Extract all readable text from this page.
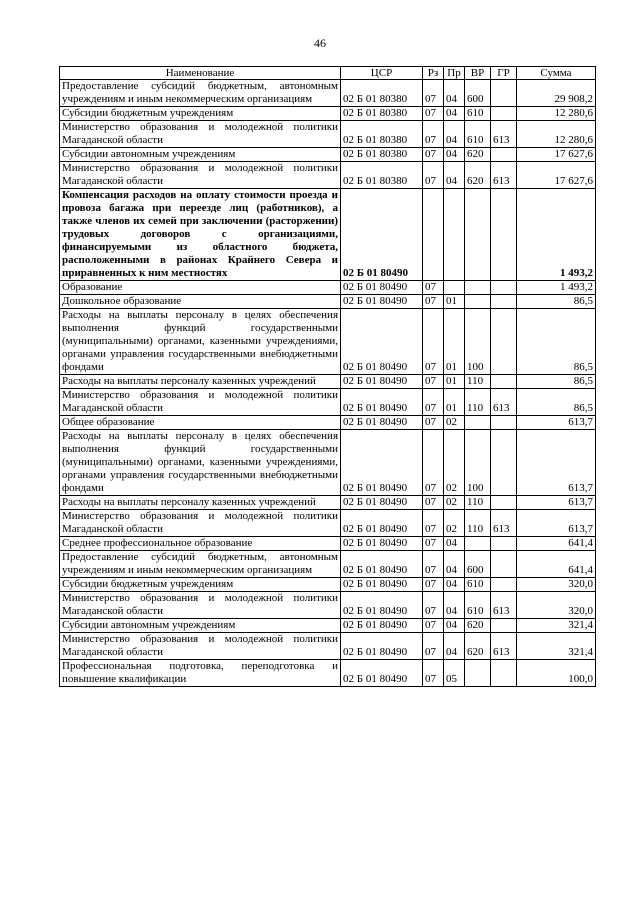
46
Наименование	ЦСР	Рз	Пр	ВР	ГР	Сумма
Предоставление субсидий бюджетным, автономным учреждениям и иным некоммерческим организациям	02 Б 01 80380	07	04	600		29 908,2
Субсидии бюджетным учреждениям	02 Б 01 80380	07	04	610		12 280,6
Министерство образования и молодежной политики Магаданской области	02 Б 01 80380	07	04	610	613	12 280,6
Субсидии автономным учреждениям	02 Б 01 80380	07	04	620		17 627,6
Министерство образования и молодежной политики Магаданской области	02 Б 01 80380	07	04	620	613	17 627,6
Компенсация расходов на оплату стоимости проезда и провоза багажа при переезде лиц (работников), а также членов их семей при заключении (расторжении) трудовых договоров с организациями, финансируемыми из областного бюджета, расположенными в районах Крайнего Севера и приравненных к ним местностях	02 Б 01 80490					1 493,2
Образование	02 Б 01 80490	07				1 493,2
Дошкольное образование	02 Б 01 80490	07	01			86,5
Расходы на выплаты персоналу в целях обеспечения выполнения функций государственными (муниципальными) органами, казенными учреждениями, органами управления государственными внебюджетными фондами	02 Б 01 80490	07	01	100		86,5
Расходы на выплаты персоналу казенных учреждений	02 Б 01 80490	07	01	110		86,5
Министерство образования и молодежной политики Магаданской области	02 Б 01 80490	07	01	110	613	86,5
Общее образование	02 Б 01 80490	07	02			613,7
Расходы на выплаты персоналу в целях обеспечения выполнения функций государственными (муниципальными) органами, казенными учреждениями, органами управления государственными внебюджетными фондами	02 Б 01 80490	07	02	100		613,7
Расходы на выплаты персоналу казенных учреждений	02 Б 01 80490	07	02	110		613,7
Министерство образования и молодежной политики Магаданской области	02 Б 01 80490	07	02	110	613	613,7
Среднее профессиональное образование	02 Б 01 80490	07	04			641,4
Предоставление субсидий бюджетным, автономным учреждениям и иным некоммерческим организациям	02 Б 01 80490	07	04	600		641,4
Субсидии бюджетным учреждениям	02 Б 01 80490	07	04	610		320,0
Министерство образования и молодежной политики Магаданской области	02 Б 01 80490	07	04	610	613	320,0
Субсидии автономным учреждениям	02 Б 01 80490	07	04	620		321,4
Министерство образования и молодежной политики Магаданской области	02 Б 01 80490	07	04	620	613	321,4
Профессиональная подготовка, переподготовка и повышение квалификации	02 Б 01 80490	07	05			100,0
